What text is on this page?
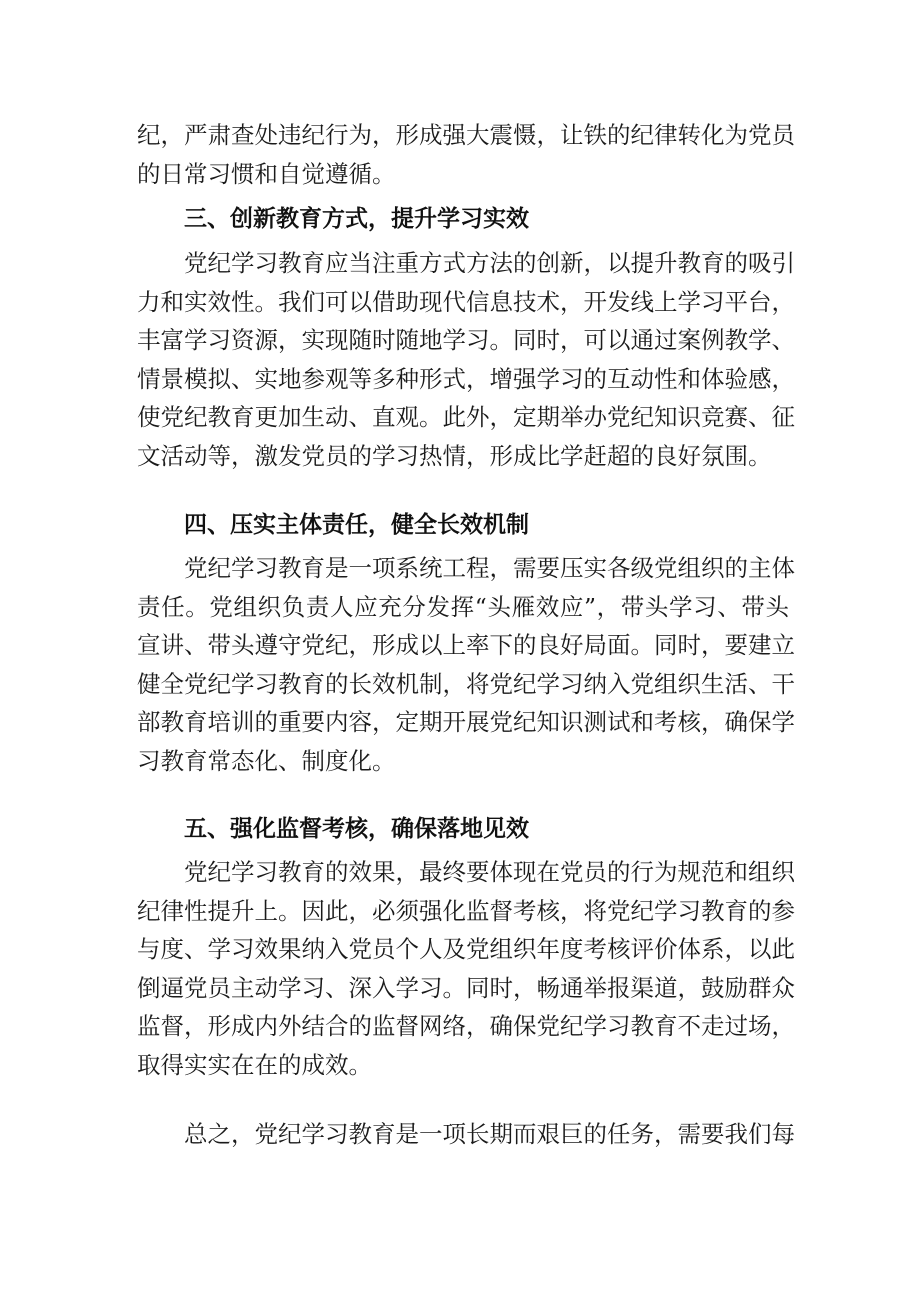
纪，严肃查处违纪行为，形成强大震慑，让铁的纪律转化为党员
的日常习惯和自觉遵循。
三、创新教育方式，提升学习实效
党纪学习教育应当注重方式方法的创新，以提升教育的吸引
力和实效性。我们可以借助现代信息技术，开发线上学习平台，
丰富学习资源，实现随时随地学习。同时，可以通过案例教学、
情景模拟、实地参观等多种形式，增强学习的互动性和体验感，
使党纪教育更加生动、直观。此外，定期举办党纪知识竞赛、征
文活动等，激发党员的学习热情，形成比学赶超的良好氛围。
四、压实主体责任，健全长效机制
党纪学习教育是一项系统工程，需要压实各级党组织的主体
责任。党组织负责人应充分发挥“头雁效应”，带头学习、带头
宣讲、带头遵守党纪，形成以上率下的良好局面。同时，要建立
健全党纪学习教育的长效机制，将党纪学习纳入党组织生活、干
部教育培训的重要内容，定期开展党纪知识测试和考核，确保学
习教育常态化、制度化。
五、强化监督考核，确保落地见效
党纪学习教育的效果，最终要体现在党员的行为规范和组织
纪律性提升上。因此，必须强化监督考核，将党纪学习教育的参
与度、学习效果纳入党员个人及党组织年度考核评价体系，以此
倒逼党员主动学习、深入学习。同时，畅通举报渠道，鼓励群众
监督，形成内外结合的监督网络，确保党纪学习教育不走过场，
取得实实在在的成效。
总之，党纪学习教育是一项长期而艰巨的任务，需要我们每
